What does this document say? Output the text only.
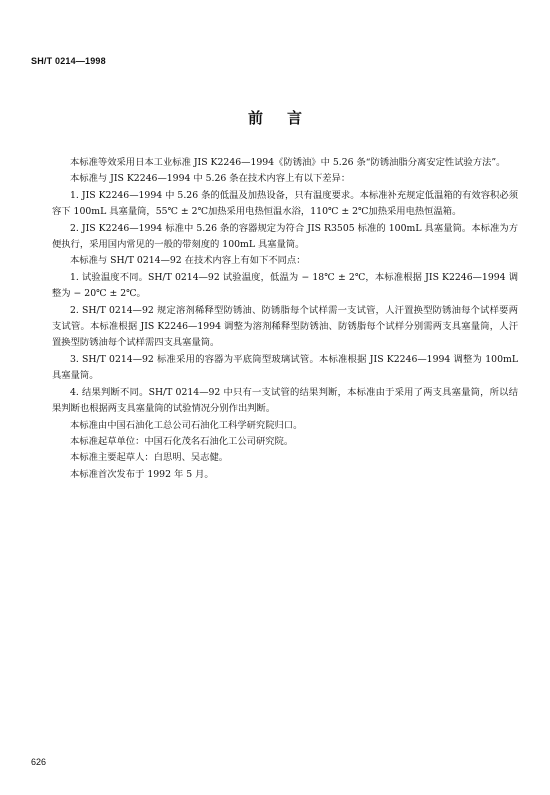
SH/T 0214—1998
前言

本标准等效采用日本工业标准 JIS K2246—1994《防锈油》中 5.26 条“防锈油脂分离安定性试验方法”。

本标准与 JIS K2246—1994 中 5.26 条在技术内容上有以下差异：

1. JIS K2246—1994 中 5.26 条的低温及加热设备，只有温度要求。本标准补充规定低温箱的有效容积必须容下 100mL 具塞量筒，55℃ ± 2℃加热采用电热恒温水浴，110℃ ± 2℃加热采用电热恒温箱。

2. JIS K2246—1994 标准中 5.26 条的容器规定为符合 JIS R3505 标准的 100mL 具塞量筒。本标准为方便执行，采用国内常见的一般的带刻度的 100mL 具塞量筒。

本标准与 SH/T 0214—92 在技术内容上有如下不同点：

1. 试验温度不同。SH/T 0214—92 试验温度，低温为 − 18℃ ± 2℃，本标准根据 JIS K2246—1994 调整为 − 20℃ ± 2℃。

2. SH/T 0214—92 规定溶剂稀释型防锈油、防锈脂每个试样需一支试管，人汗置换型防锈油每个试样要两支试管。本标准根据 JIS K2246—1994 调整为溶剂稀释型防锈油、防锈脂每个试样分别需两支具塞量筒，人汗置换型防锈油每个试样需四支具塞量筒。

3. SH/T 0214—92 标准采用的容器为平底筒型玻璃试管。本标准根据 JIS K2246—1994 调整为 100mL 具塞量筒。

4. 结果判断不同。SH/T 0214—92 中只有一支试管的结果判断，本标准由于采用了两支具塞量筒，所以结果判断也根据两支具塞量筒的试验情况分别作出判断。

本标准由中国石油化工总公司石油化工科学研究院归口。

本标准起草单位：中国石化茂名石油化工公司研究院。

本标准主要起草人：白思明、吴志健。

本标准首次发布于 1992 年 5 月。

626
